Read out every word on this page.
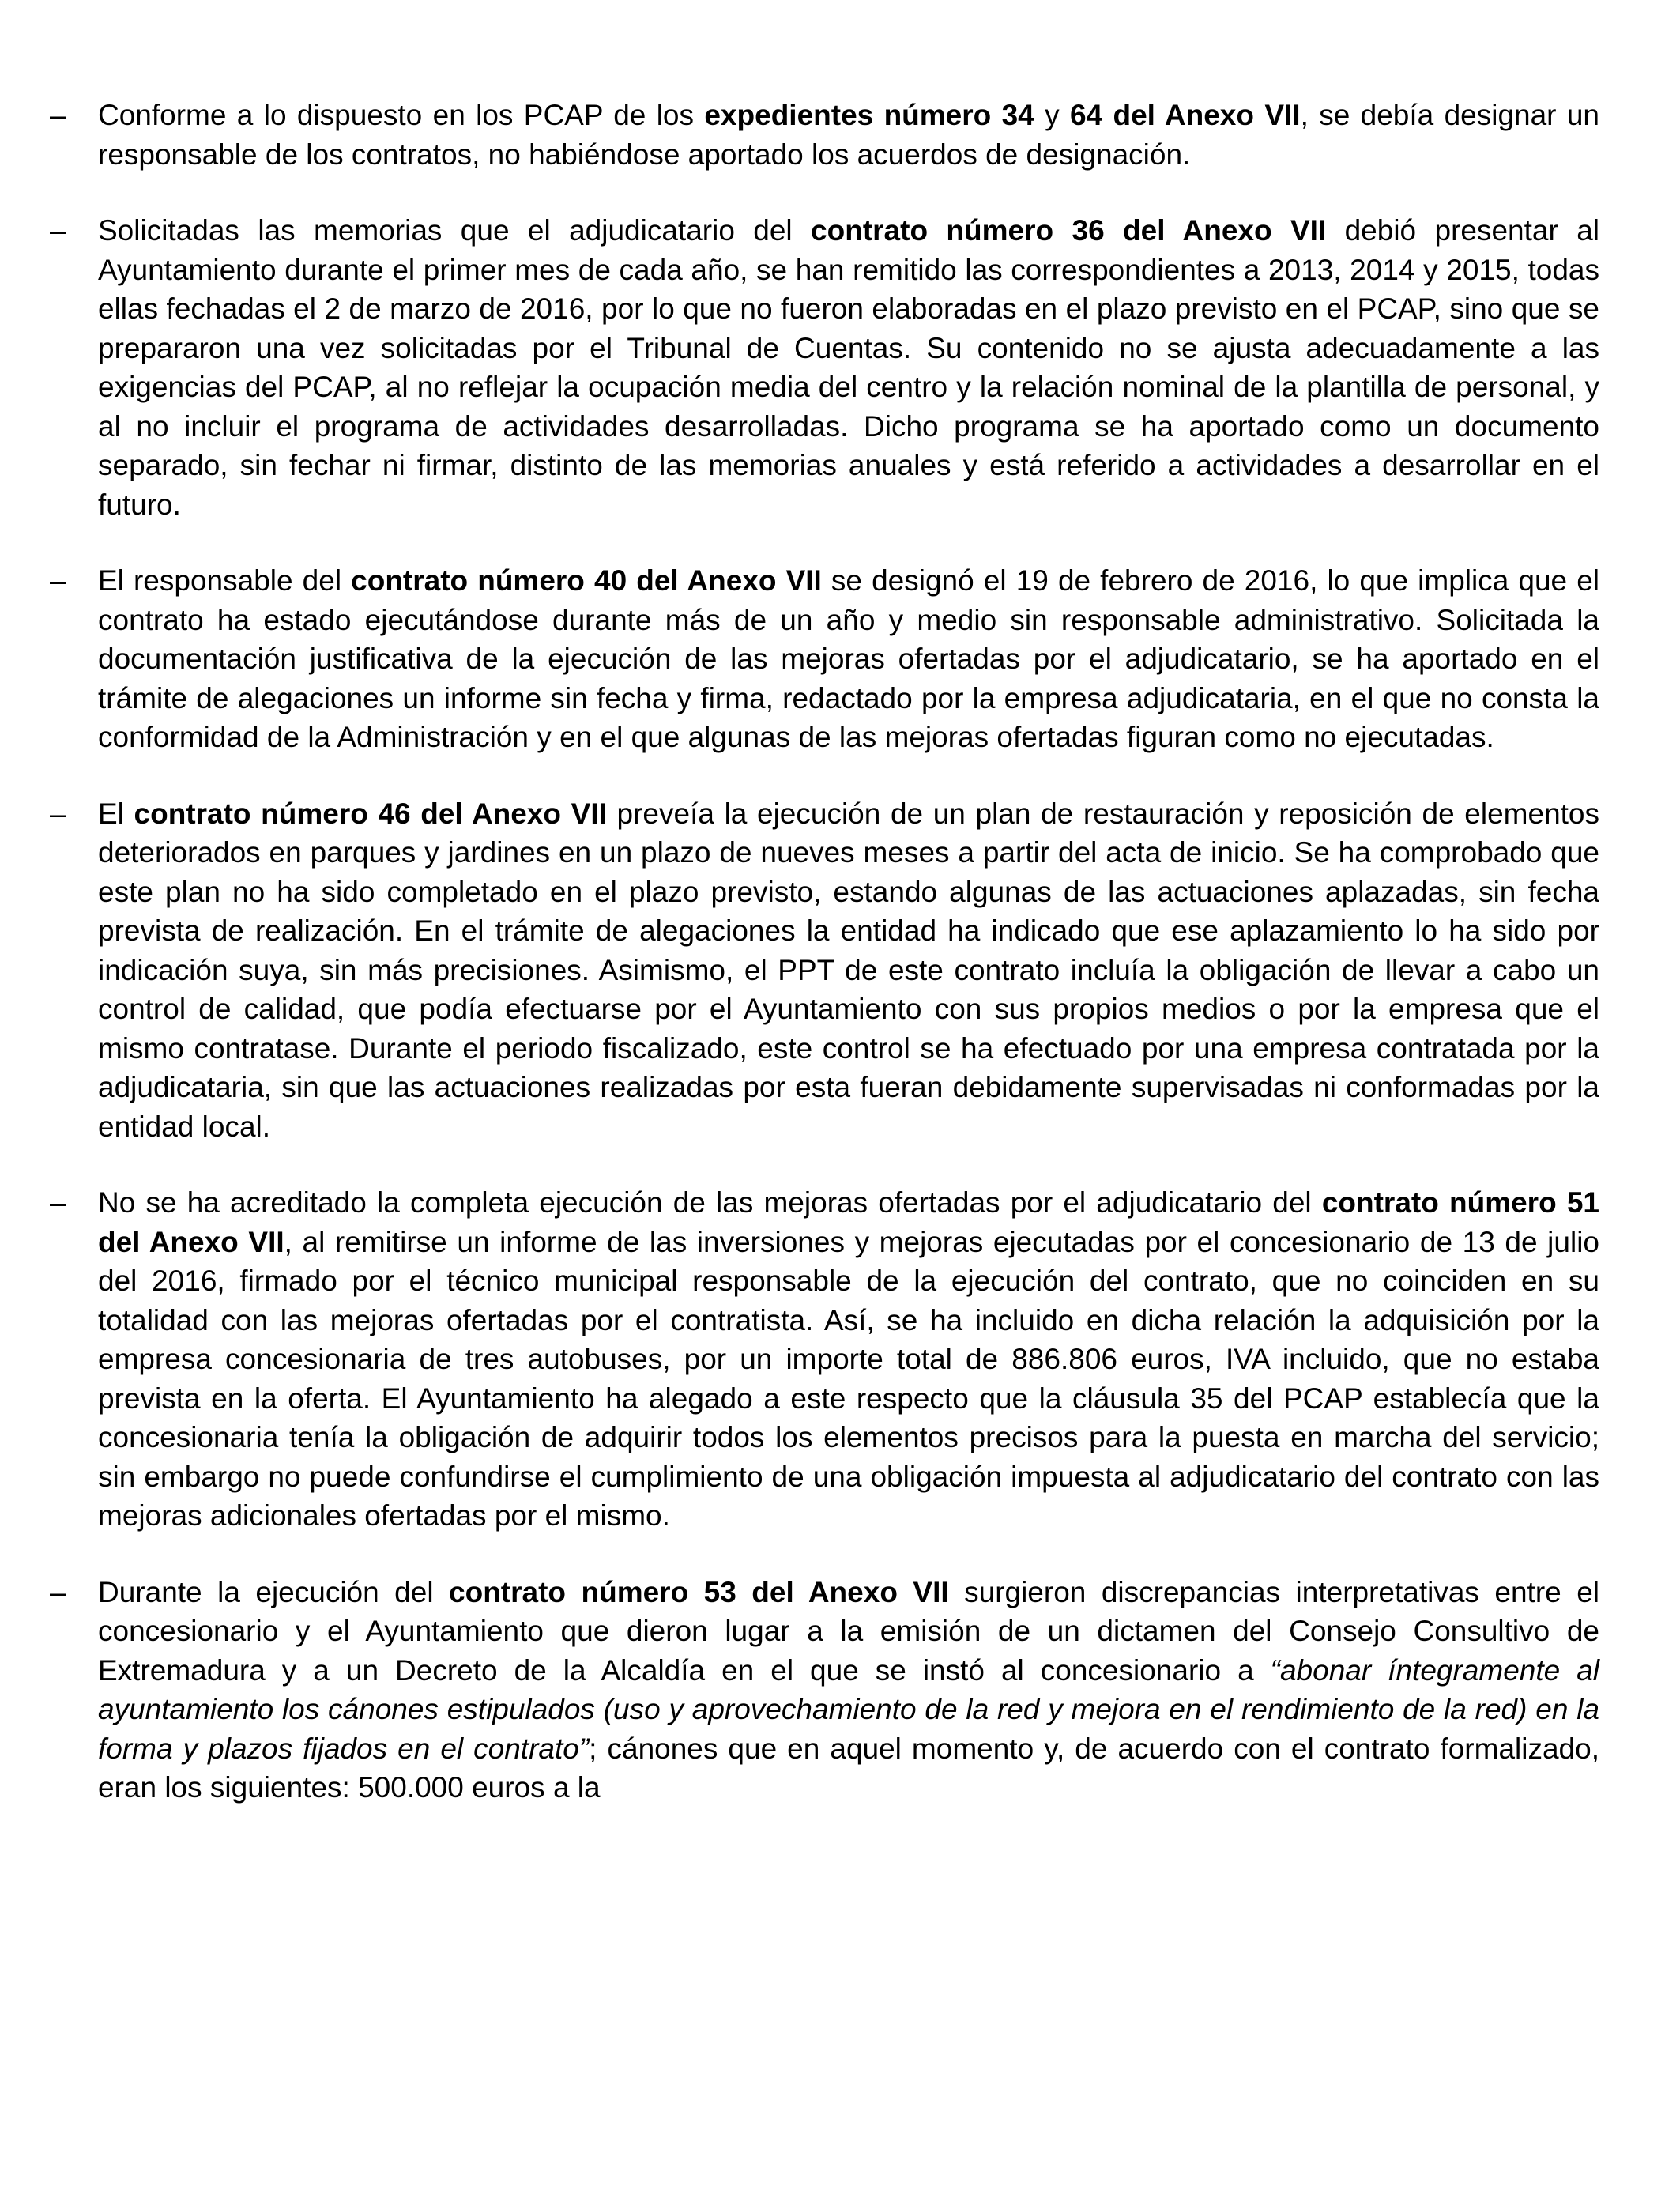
–	Conforme a lo dispuesto en los PCAP de los expedientes número 34 y 64 del Anexo VII, se debía designar un responsable de los contratos, no habiéndose aportado los acuerdos de designación.

–	Solicitadas las memorias que el adjudicatario del contrato número 36 del Anexo VII debió presentar al Ayuntamiento durante el primer mes de cada año, se han remitido las correspondientes a 2013, 2014 y 2015, todas ellas fechadas el 2 de marzo de 2016, por lo que no fueron elaboradas en el plazo previsto en el PCAP, sino que se prepararon una vez solicitadas por el Tribunal de Cuentas. Su contenido no se ajusta adecuadamente a las exigencias del PCAP, al no reflejar la ocupación media del centro y la relación nominal de la plantilla de personal, y al no incluir el programa de actividades desarrolladas. Dicho programa se ha aportado como un documento separado, sin fechar ni firmar, distinto de las memorias anuales y está referido a actividades a desarrollar en el futuro.

–	El responsable del contrato número 40 del Anexo VII se designó el 19 de febrero de 2016, lo que implica que el contrato ha estado ejecutándose durante más de un año y medio sin responsable administrativo. Solicitada la documentación justificativa de la ejecución de las mejoras ofertadas por el adjudicatario, se ha aportado en el trámite de alegaciones un informe sin fecha y firma, redactado por la empresa adjudicataria, en el que no consta la conformidad de la Administración y en el que algunas de las mejoras ofertadas figuran como no ejecutadas.

–	El contrato número 46 del Anexo VII preveía la ejecución de un plan de restauración y reposición de elementos deteriorados en parques y jardines en un plazo de nueves meses a partir del acta de inicio. Se ha comprobado que este plan no ha sido completado en el plazo previsto, estando algunas de las actuaciones aplazadas, sin fecha prevista de realización. En el trámite de alegaciones la entidad ha indicado que ese aplazamiento lo ha sido por indicación suya, sin más precisiones. Asimismo, el PPT de este contrato incluía la obligación de llevar a cabo un control de calidad, que podía efectuarse por el Ayuntamiento con sus propios medios o por la empresa que el mismo contratase. Durante el periodo fiscalizado, este control se ha efectuado por una empresa contratada por la adjudicataria, sin que las actuaciones realizadas por esta fueran debidamente supervisadas ni conformadas por la entidad local.

–	No se ha acreditado la completa ejecución de las mejoras ofertadas por el adjudicatario del contrato número 51 del Anexo VII, al remitirse un informe de las inversiones y mejoras ejecutadas por el concesionario de 13 de julio del 2016, firmado por el técnico municipal responsable de la ejecución del contrato, que no coinciden en su totalidad con las mejoras ofertadas por el contratista. Así, se ha incluido en dicha relación la adquisición por la empresa concesionaria de tres autobuses, por un importe total de 886.806 euros, IVA incluido, que no estaba prevista en la oferta. El Ayuntamiento ha alegado a este respecto que la cláusula 35 del PCAP establecía que la concesionaria tenía la obligación de adquirir todos los elementos precisos para la puesta en marcha del servicio; sin embargo no puede confundirse el cumplimiento de una obligación impuesta al adjudicatario del contrato con las mejoras adicionales ofertadas por el mismo.

–	Durante la ejecución del contrato número 53 del Anexo VII surgieron discrepancias interpretativas entre el concesionario y el Ayuntamiento que dieron lugar a la emisión de un dictamen del Consejo Consultivo de Extremadura y a un Decreto de la Alcaldía en el que se instó al concesionario a “abonar íntegramente al ayuntamiento los cánones estipulados (uso y aprovechamiento de la red y mejora en el rendimiento de la red) en la forma y plazos fijados en el contrato”; cánones que en aquel momento y, de acuerdo con el contrato formalizado, eran los siguientes: 500.000 euros a la
